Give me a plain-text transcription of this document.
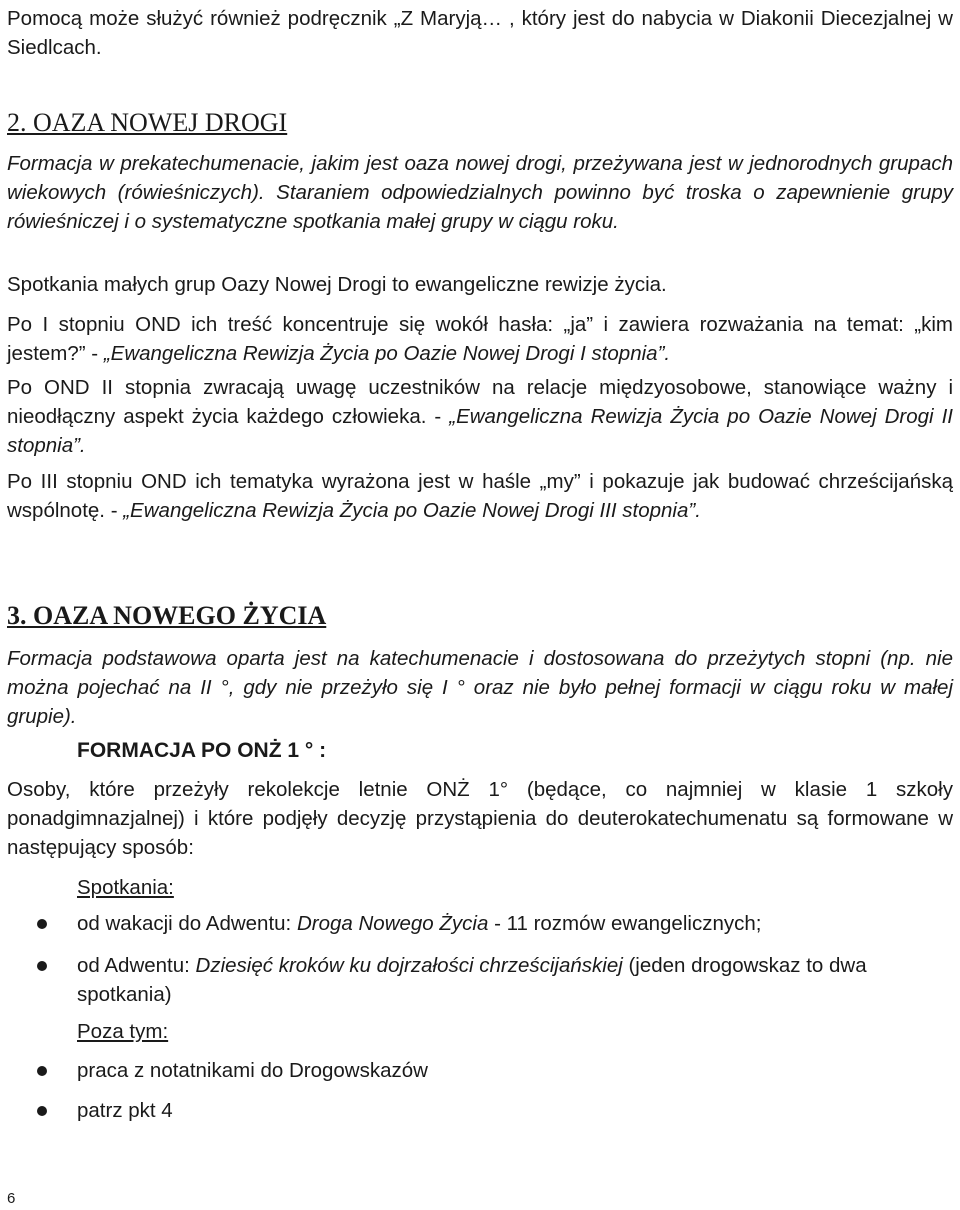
Pomocą może służyć również podręcznik „Z Maryją… , który jest do nabycia w Diakonii Diecezjalnej w Siedlcach.

2. OAZA NOWEJ DROGI

Formacja w prekatechumenacie, jakim jest oaza nowej drogi, przeżywana jest w jednorodnych grupach wiekowych (rówieśniczych). Staraniem odpowiedzialnych powinno być troska o zapewnienie grupy rówieśniczej i o systematyczne spotkania małej grupy w ciągu roku.

Spotkania małych grup Oazy Nowej Drogi to ewangeliczne rewizje życia.

Po I stopniu OND ich treść koncentruje się wokół hasła: „ja” i zawiera rozważania na temat: „kim jestem?” - „Ewangeliczna Rewizja Życia po Oazie Nowej Drogi I stopnia”.

Po OND II stopnia zwracają uwagę uczestników na relacje międzyosobowe, stanowiące ważny i nieodłączny aspekt życia każdego człowieka. - „Ewangeliczna Rewizja Życia po Oazie Nowej Drogi II stopnia”.

Po III stopniu OND ich tematyka wyrażona jest w haśle „my” i pokazuje jak budować chrześcijańską wspólnotę. - „Ewangeliczna Rewizja Życia po Oazie Nowej Drogi III stopnia”.

3. OAZA NOWEGO ŻYCIA

Formacja podstawowa oparta jest na katechumenacie i dostosowana do przeżytych stopni (np. nie można pojechać na II °, gdy nie przeżyło się I ° oraz nie było pełnej formacji w ciągu roku w małej grupie).

FORMACJA PO ONŻ 1 ° :

Osoby, które przeżyły rekolekcje letnie ONŻ 1° (będące, co najmniej w klasie 1 szkoły ponadgimnazjalnej) i które podjęły decyzję przystąpienia do deuterokatechumenatu są formowane w następujący sposób:

Spotkania:

od wakacji do Adwentu: Droga Nowego Życia - 11 rozmów ewangelicznych;

od Adwentu: Dziesięć kroków ku dojrzałości chrześcijańskiej (jeden drogowskaz to dwa spotkania)

Poza tym:

praca z notatnikami do Drogowskazów

patrz pkt 4

6
